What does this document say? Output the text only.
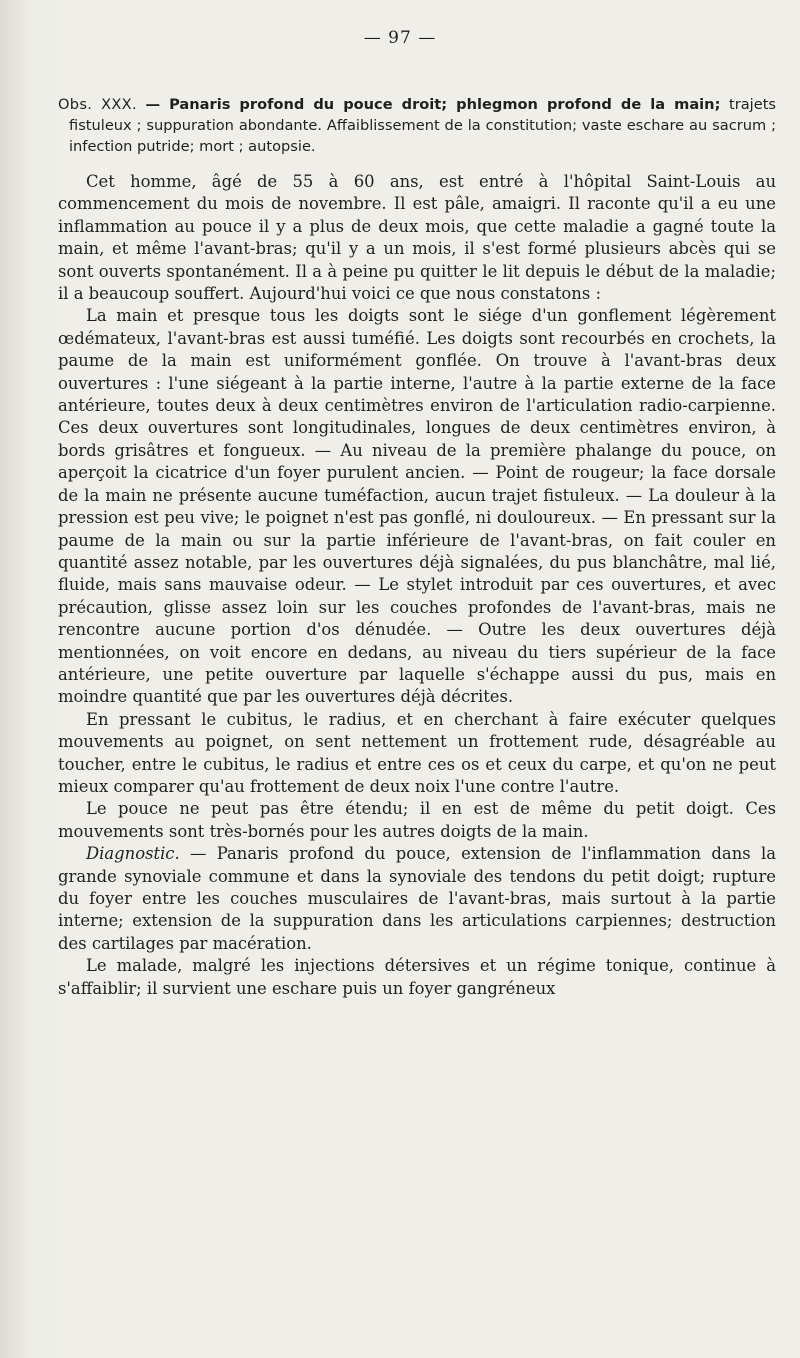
— 97 —

Obs. XXX. — Panaris profond du pouce droit; phlegmon profond de la main; trajets fistuleux ; suppuration abondante. Affaiblissement de la constitution; vaste eschare au sacrum ; infection putride; mort ; autopsie.

Cet homme, âgé de 55 à 60 ans, est entré à l'hôpital Saint-Louis au commencement du mois de novembre. Il est pâle, amaigri. Il raconte qu'il a eu une inflammation au pouce il y a plus de deux mois, que cette maladie a gagné toute la main, et même l'avant-bras; qu'il y a un mois, il s'est formé plusieurs abcès qui se sont ouverts spontanément. Il a à peine pu quitter le lit depuis le début de la maladie; il a beaucoup souffert. Aujourd'hui voici ce que nous constatons :

La main et presque tous les doigts sont le siége d'un gonflement légèrement œdémateux, l'avant-bras est aussi tuméfié. Les doigts sont recourbés en crochets, la paume de la main est uniformément gonflée. On trouve à l'avant-bras deux ouvertures : l'une siégeant à la partie interne, l'autre à la partie externe de la face antérieure, toutes deux à deux centimètres environ de l'articulation radio-carpienne. Ces deux ouvertures sont longitudinales, longues de deux centimètres environ, à bords grisâtres et fongueux. — Au niveau de la première phalange du pouce, on aperçoit la cicatrice d'un foyer purulent ancien. — Point de rougeur; la face dorsale de la main ne présente aucune tuméfaction, aucun trajet fistuleux. — La douleur à la pression est peu vive; le poignet n'est pas gonflé, ni douloureux. — En pressant sur la paume de la main ou sur la partie inférieure de l'avant-bras, on fait couler en quantité assez notable, par les ouvertures déjà signalées, du pus blanchâtre, mal lié, fluide, mais sans mauvaise odeur. — Le stylet introduit par ces ouvertures, et avec précaution, glisse assez loin sur les couches profondes de l'avant-bras, mais ne rencontre aucune portion d'os dénudée. — Outre les deux ouvertures déjà mentionnées, on voit encore en dedans, au niveau du tiers supérieur de la face antérieure, une petite ouverture par laquelle s'échappe aussi du pus, mais en moindre quantité que par les ouvertures déjà décrites.

En pressant le cubitus, le radius, et en cherchant à faire exécuter quelques mouvements au poignet, on sent nettement un frottement rude, désagréable au toucher, entre le cubitus, le radius et entre ces os et ceux du carpe, et qu'on ne peut mieux comparer qu'au frottement de deux noix l'une contre l'autre.

Le pouce ne peut pas être étendu; il en est de même du petit doigt. Ces mouvements sont très-bornés pour les autres doigts de la main.

Diagnostic. — Panaris profond du pouce, extension de l'inflammation dans la grande synoviale commune et dans la synoviale des tendons du petit doigt; rupture du foyer entre les couches musculaires de l'avant-bras, mais surtout à la partie interne; extension de la suppuration dans les articulations carpiennes; destruction des cartilages par macération.

Le malade, malgré les injections détersives et un régime tonique, continue à s'affaiblir; il survient une eschare puis un foyer gangréneux
